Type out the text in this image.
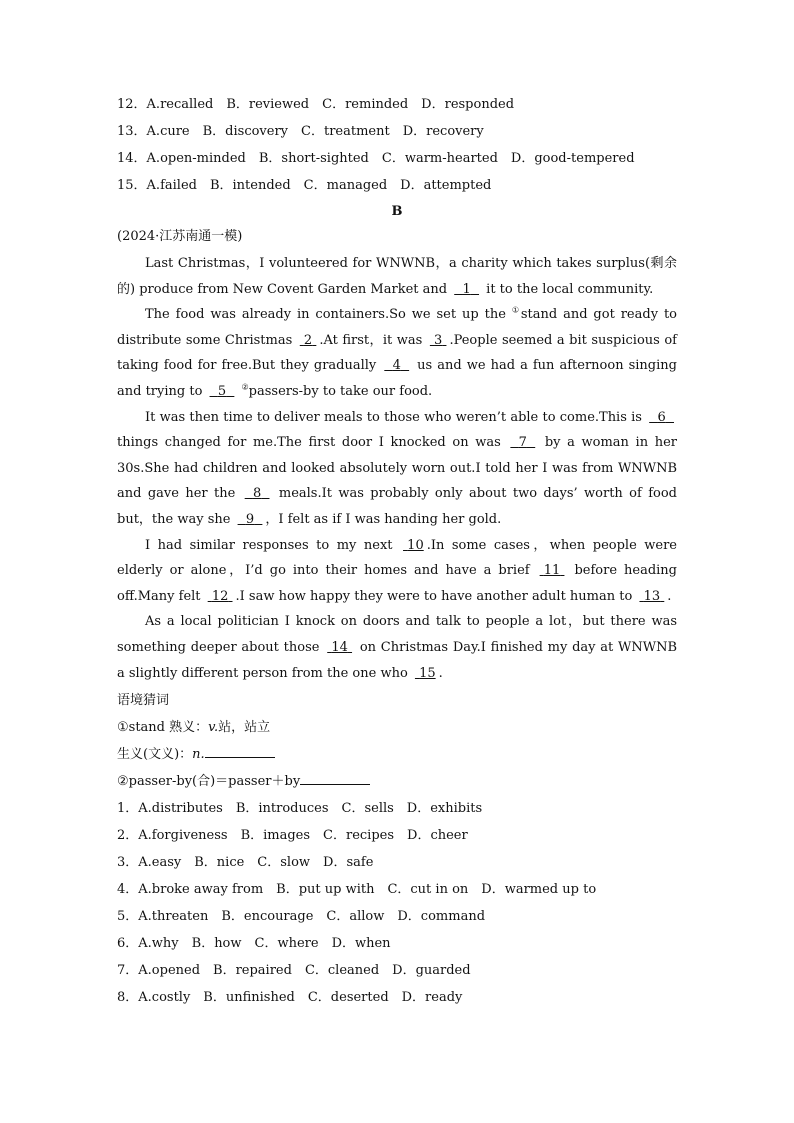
12．A.recalled　B．reviewed　C．reminded　D．responded
13．A.cure　B．discovery　C．treatment　D．recovery
14．A.open-minded　B．short-sighted　C．warm-hearted　D．good-tempered
15．A.failed　B．intended　C．managed　D．attempted
B
(2024·江苏南通一模)

Last Christmas，I volunteered for WNWNB，a charity which takes surplus(剩余的) produce from New Covent Garden Market and 1 it to the local community.

The food was already in containers.So we set up the ①stand and got ready to distribute some Christmas 2 .At first，it was 3 .People seemed a bit suspicious of taking food for free.But they gradually 4 us and we had a fun afternoon singing and trying to 5 ②passers-by to take our food.

It was then time to deliver meals to those who weren’t able to come.This is 6   things changed for me.The first door I knocked on was 7 by a woman in her 30s.She had children and looked absolutely worn out.I told her I was from WNWNB and gave her the 8 meals.It was probably only about two days’ worth of food but，the way she 9 ，I felt as if I was handing her gold.

I had similar responses to my next 10 .In some cases，when people were elderly or alone，I’d go into their homes and have a brief 11 before heading off.Many felt 12 .I saw how happy they were to have another adult human to 13 .

As a local politician I knock on doors and talk to people a lot，but there was something deeper about those 14 on Christmas Day.I finished my day at WNWNB a slightly different person from the one who 15 .

语境猜词
①stand 熟义：v.站，站立
生义(文义)：n.
②passer-by(合)＝passer＋by
1．A.distributes　B．introduces　C．sells　D．exhibits
2．A.forgiveness　B．images　C．recipes　D．cheer
3．A.easy　B．nice　C．slow　D．safe
4．A.broke away from　B．put up with　C．cut in on　D．warmed up to
5．A.threaten　B．encourage　C．allow　D．command
6．A.why　B．how　C．where　D．when
7．A.opened　B．repaired　C．cleaned　D．guarded
8．A.costly　B．unfinished　C．deserted　D．ready
